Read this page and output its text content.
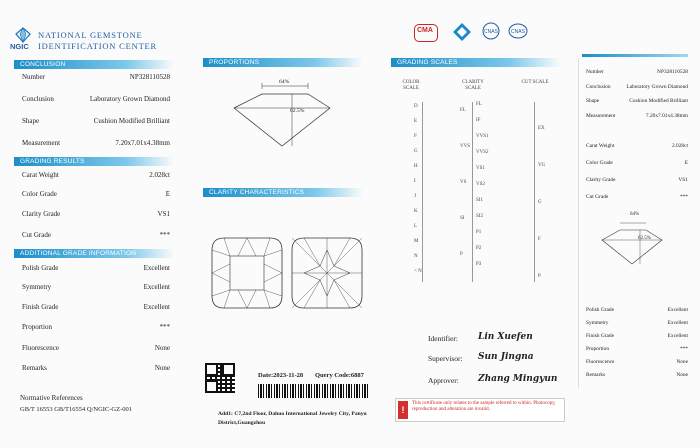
NGIC
NATIONAL GEMSTONE
IDENTIFICATION CENTER
CMA	CNAS	CNAS
CONCLUSION
Number	NP328110528
Conclusion	Laboratory Grown Diamond
Shape	Cushion Modified Brilliant
Measurement	7.20x7.01x4.38mm
GRADING RESULTS
Carat Weight	2.028ct
Color Grade	E
Clarity Grade	VS1
Cut Grade	***
ADDITIONAL GRADE INFORMATION
Polish Grade	Excellent
Symmetry	Excellent
Finish Grade	Excellent
Proportion	***
Fluorescence	None
Remarks	None
Normative References
GB/T 16553 GB/T16554 Q/NGIC-GZ-001
PROPORTIONS
64%
62.5%
CLARITY CHARACTERISTICS
Date:2023-11-28 Query Code:6887
Add1: C7,2nd Floor, Dahuo International Jewelry City, Panyu District,Guangzhou
GRADING SCALES
COLOR SCALE
CLARITY SCALE
CUT SCALE
D
E
F
G
H
I
J
K
L
M
N
< N
FL
IF
VVS1
VVS2
VS1
VS2
SI1
SI2
P1
P2
P3
FL
VVS
VS
SI
P
EX
VG
G
F
P
Identifier: Lin Xuefen
Supervisor: Sun Jingna
Approver: Zhang Mingyun
!
This certificate only relates to the sample referred to within. Photocopy, reproduction and alteration are invalid.
Number	NP328110528
Conclusion	Laboratory Grown Diamond
Shape	Cushion Modified Brilliant
Measurement	7.20x7.01x4.38mm
Carat Weight	2.028ct
Color Grade	E
Clarity Grade	VS1
Cut Grade	***
Polish Grade	Excellent
Symmetry	Excellent
Finish Grade	Excellent
Proportion	***
Fluorescence	None
Remarks	None
64%
62.5%
